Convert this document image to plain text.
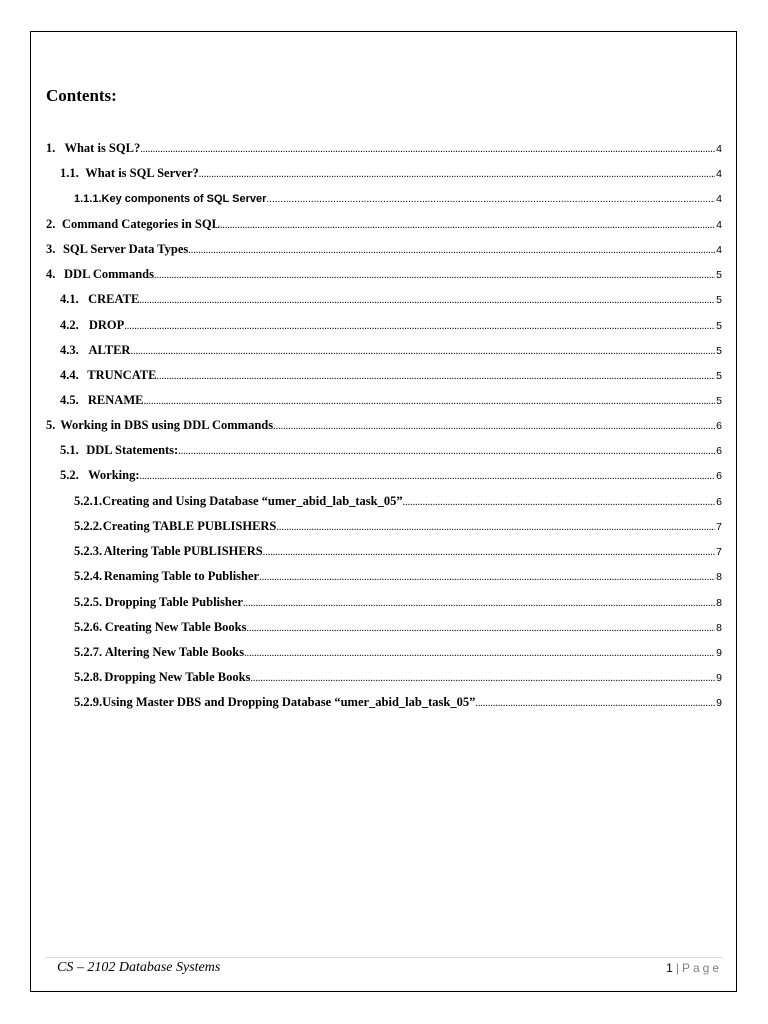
Contents:
1. What is SQL? .....	4
1.1. What is SQL Server? .....	4
1.1.1. Key components of SQL Server .....	4
2. Command Categories in SQL .....	4
3. SQL Server Data Types .....	4
4. DDL Commands .....	5
4.1. CREATE .....	5
4.2. DROP .....	5
4.3. ALTER .....	5
4.4. TRUNCATE .....	5
4.5. RENAME .....	5
5. Working in DBS using DDL Commands .....	6
5.1. DDL Statements: .....	6
5.2. Working: .....	6
5.2.1. Creating and Using Database “umer_abid_lab_task_05” .....	6
5.2.2. Creating TABLE PUBLISHERS .....	7
5.2.3. Altering Table PUBLISHERS .....	7
5.2.4. Renaming Table to Publisher .....	8
5.2.5. Dropping Table Publisher .....	8
5.2.6. Creating New Table Books .....	8
5.2.7. Altering New Table Books .....	9
5.2.8. Dropping New Table Books .....	9
5.2.9. Using Master DBS and Dropping Database “umer_abid_lab_task_05” .....	9
CS – 2102 Database Systems	1 | Page
